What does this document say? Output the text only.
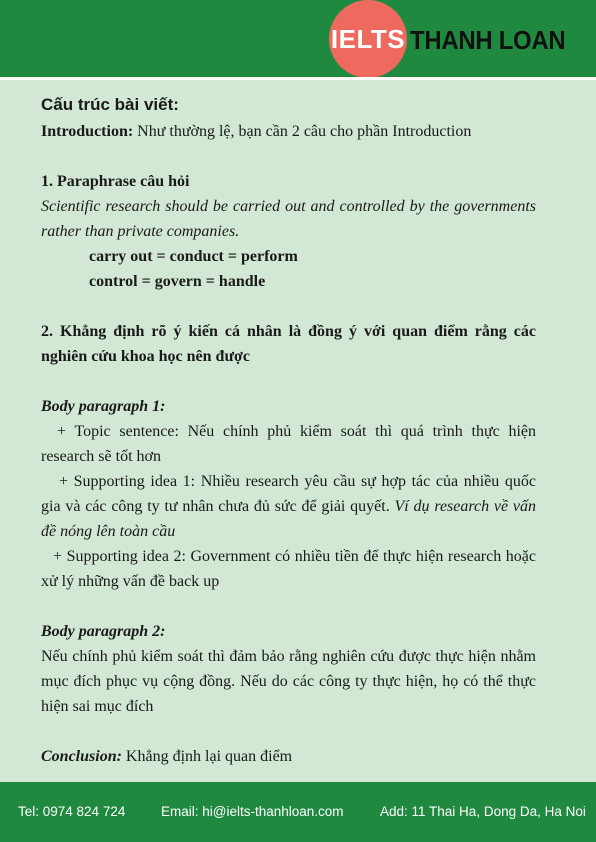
IELTS THANH LOAN
Cấu trúc bài viết:

Introduction: Như thường lệ, bạn cần 2 câu cho phần Introduction

1. Paraphrase câu hỏi

Scientific research should be carried out and controlled by the governments rather than private companies.

carry out = conduct = perform

control = govern = handle

2. Khẳng định rõ ý kiến cá nhân là đồng ý với quan điểm rằng các nghiên cứu khoa học nên được

Body paragraph 1:

+ Topic sentence: Nếu chính phủ kiểm soát thì quá trình thực hiện research sẽ tốt hơn

+ Supporting idea 1: Nhiều research yêu cầu sự hợp tác của nhiều quốc gia và các công ty tư nhân chưa đủ sức để giải quyết. Ví dụ research về vấn đề nóng lên toàn cầu

+ Supporting idea 2: Government có nhiều tiền để thực hiện research hoặc xử lý những vấn đề back up

Body paragraph 2:

Nếu chính phủ kiểm soát thì đảm bảo rằng nghiên cứu được thực hiện nhằm mục đích phục vụ cộng đồng. Nếu do các công ty thực hiện, họ có thể thực hiện sai mục đích

Conclusion: Khẳng định lại quan điểm

Tel: 0974 824 724	Email: hi@ielts-thanhloan.com	Add: 11 Thai Ha, Dong Da, Ha Noi
